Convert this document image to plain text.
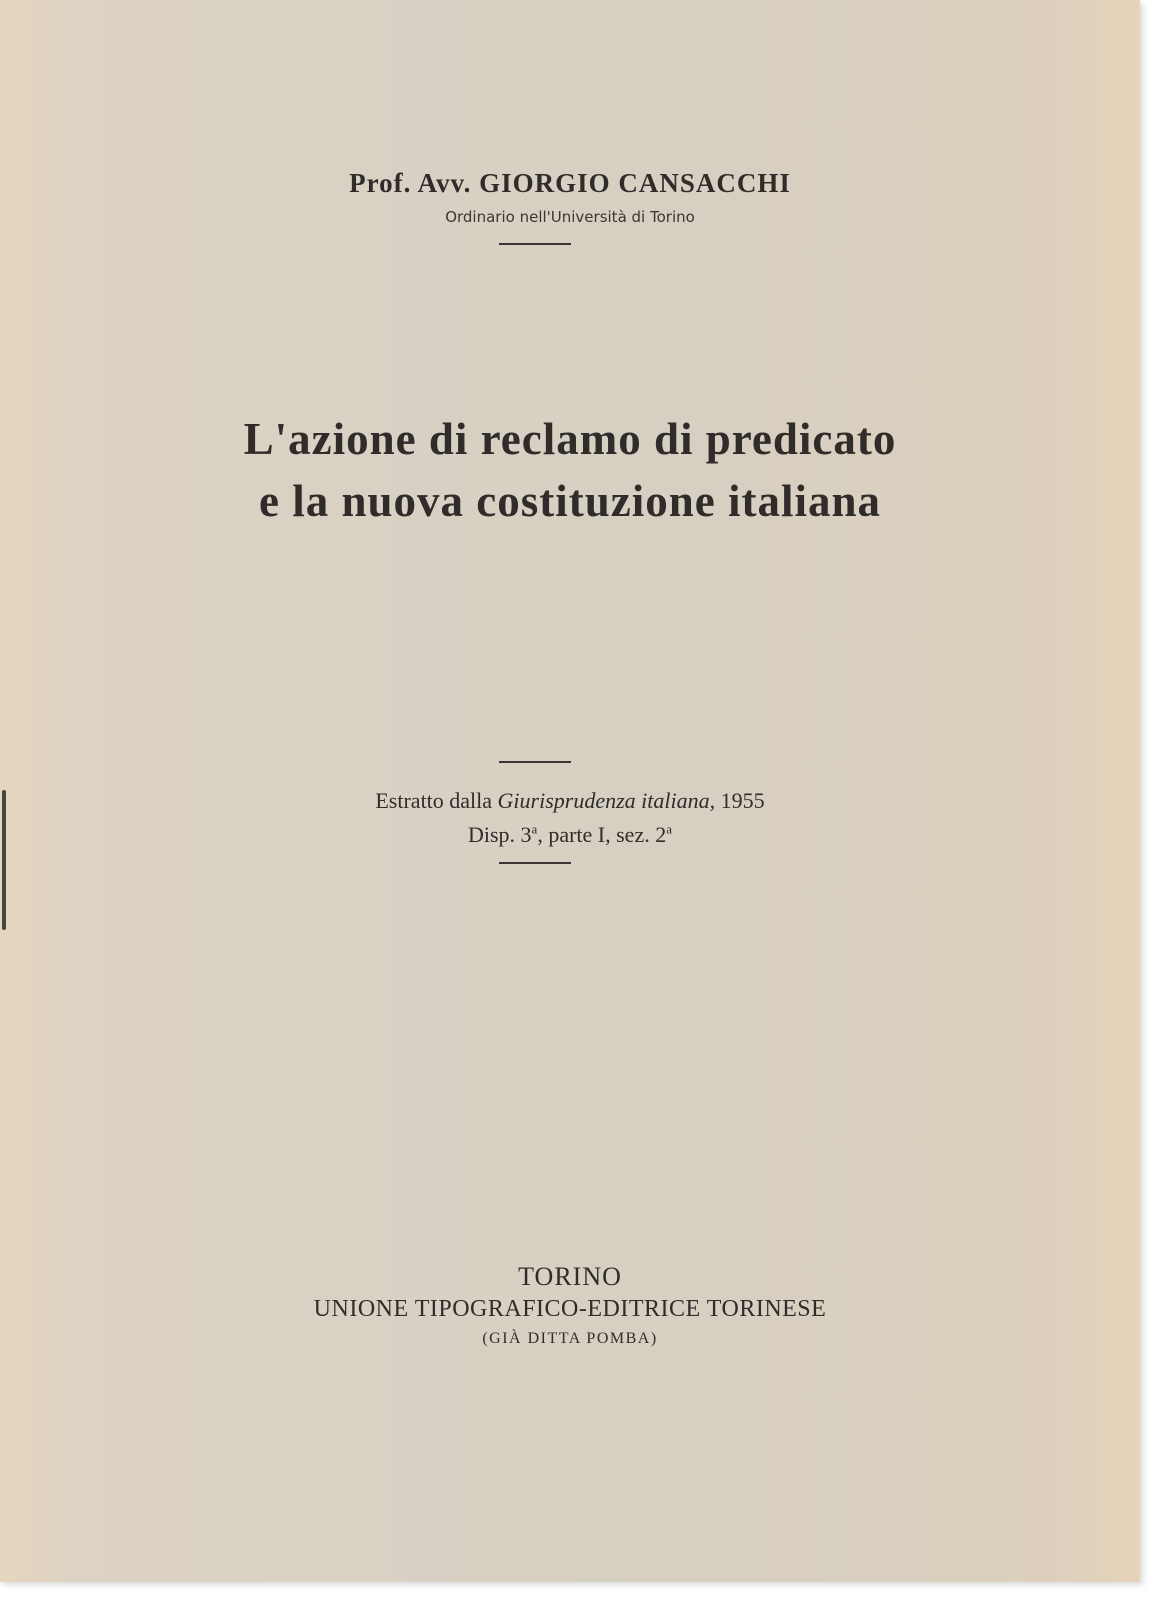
Prof. Avv. GIORGIO CANSACCHI
Ordinario nell'Università di Torino
L'azione di reclamo di predicato
e la nuova costituzione italiana
Estratto dalla Giurisprudenza italiana, 1955
Disp. 3$^a$, parte I, sez. 2$^a$
TORINO
UNIONE TIPOGRAFICO-EDITRICE TORINESE
(GIÀ DITTA POMBA)
